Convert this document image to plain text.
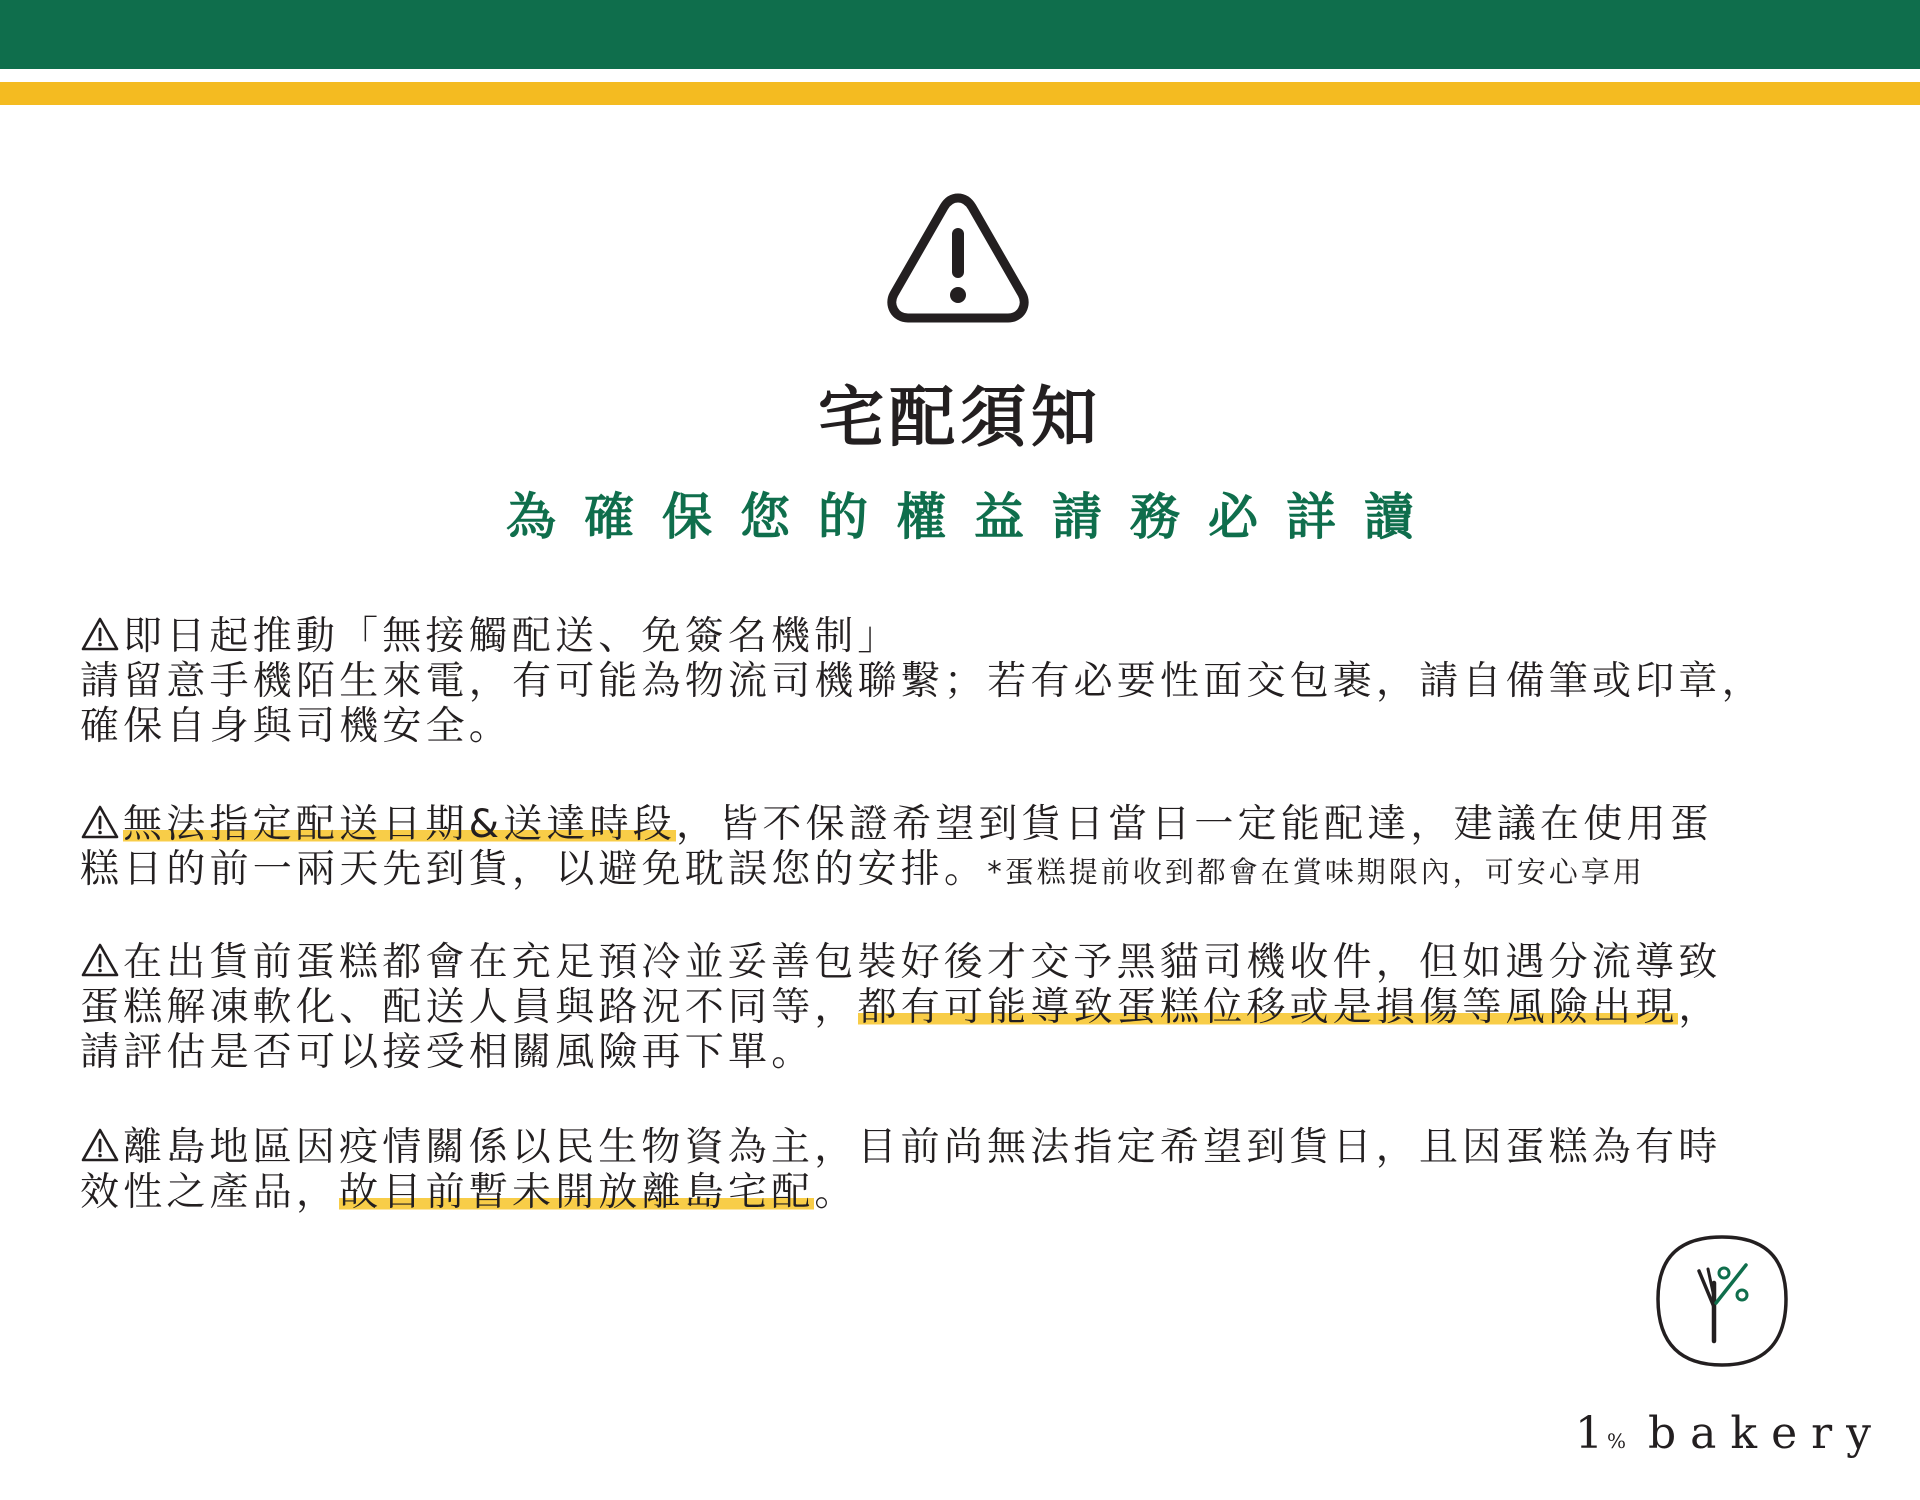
宅配須知
為確保您的權益請務必詳讀
即日起推動「無接觸配送、免簽名機制」
請留意手機陌生來電，有可能為物流司機聯繫；若有必要性面交包裹，請自備筆或印章，
確保自身與司機安全。
無法指定配送日期&送達時段，皆不保證希望到貨日當日一定能配達，建議在使用蛋
糕日的前一兩天先到貨，以避免耽誤您的安排。*蛋糕提前收到都會在賞味期限內，可安心享用
在出貨前蛋糕都會在充足預冷並妥善包裝好後才交予黑貓司機收件，但如遇分流導致
蛋糕解凍軟化、配送人員與路況不同等，都有可能導致蛋糕位移或是損傷等風險出現，
請評估是否可以接受相關風險再下單。
離島地區因疫情關係以民生物資為主，目前尚無法指定希望到貨日，且因蛋糕為有時
效性之產品，故目前暫未開放離島宅配。
1 % bakery
